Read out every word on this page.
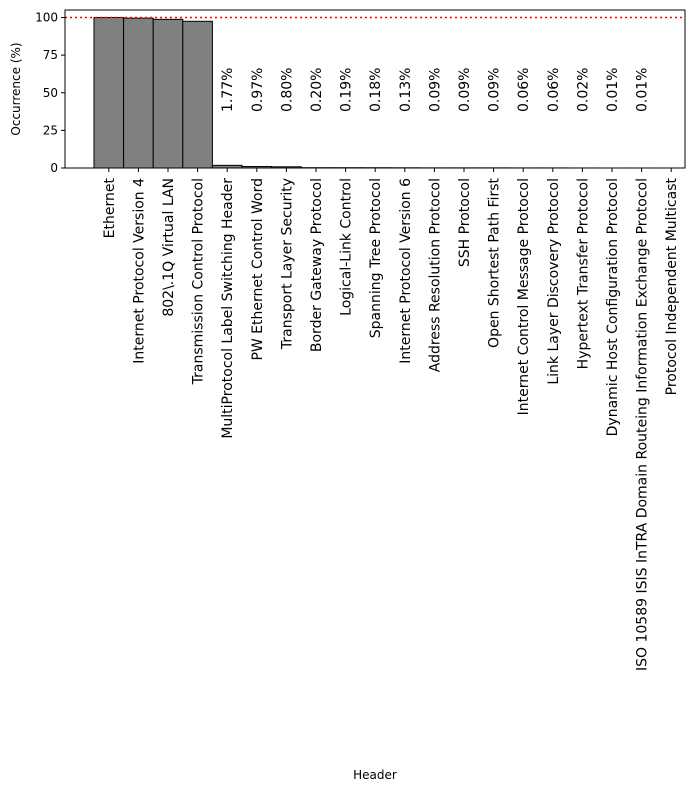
1.77% 0.97% 0.80% 0.20% 0.19% 0.18% 0.13% 0.09% 0.09% 0.09% 0.06% 0.06% 0.02% 0.01% 0.01%
0
25
50
75
100
Ethernet Internet Protocol Version 4 802\.1Q Virtual LAN Transmission Control Protocol MultiProtocol Label Switching Header PW Ethernet Control Word Transport Layer Security Border Gateway Protocol Logical-Link Control Spanning Tree Protocol Internet Protocol Version 6 Address Resolution Protocol SSH Protocol Open Shortest Path First Internet Control Message Protocol Link Layer Discovery Protocol Hypertext Transfer Protocol Dynamic Host Configuration Protocol ISO 10589 ISIS InTRA Domain Routeing Information Exchange Protocol Protocol Independent Multicast
Occurrence (%)
Header
